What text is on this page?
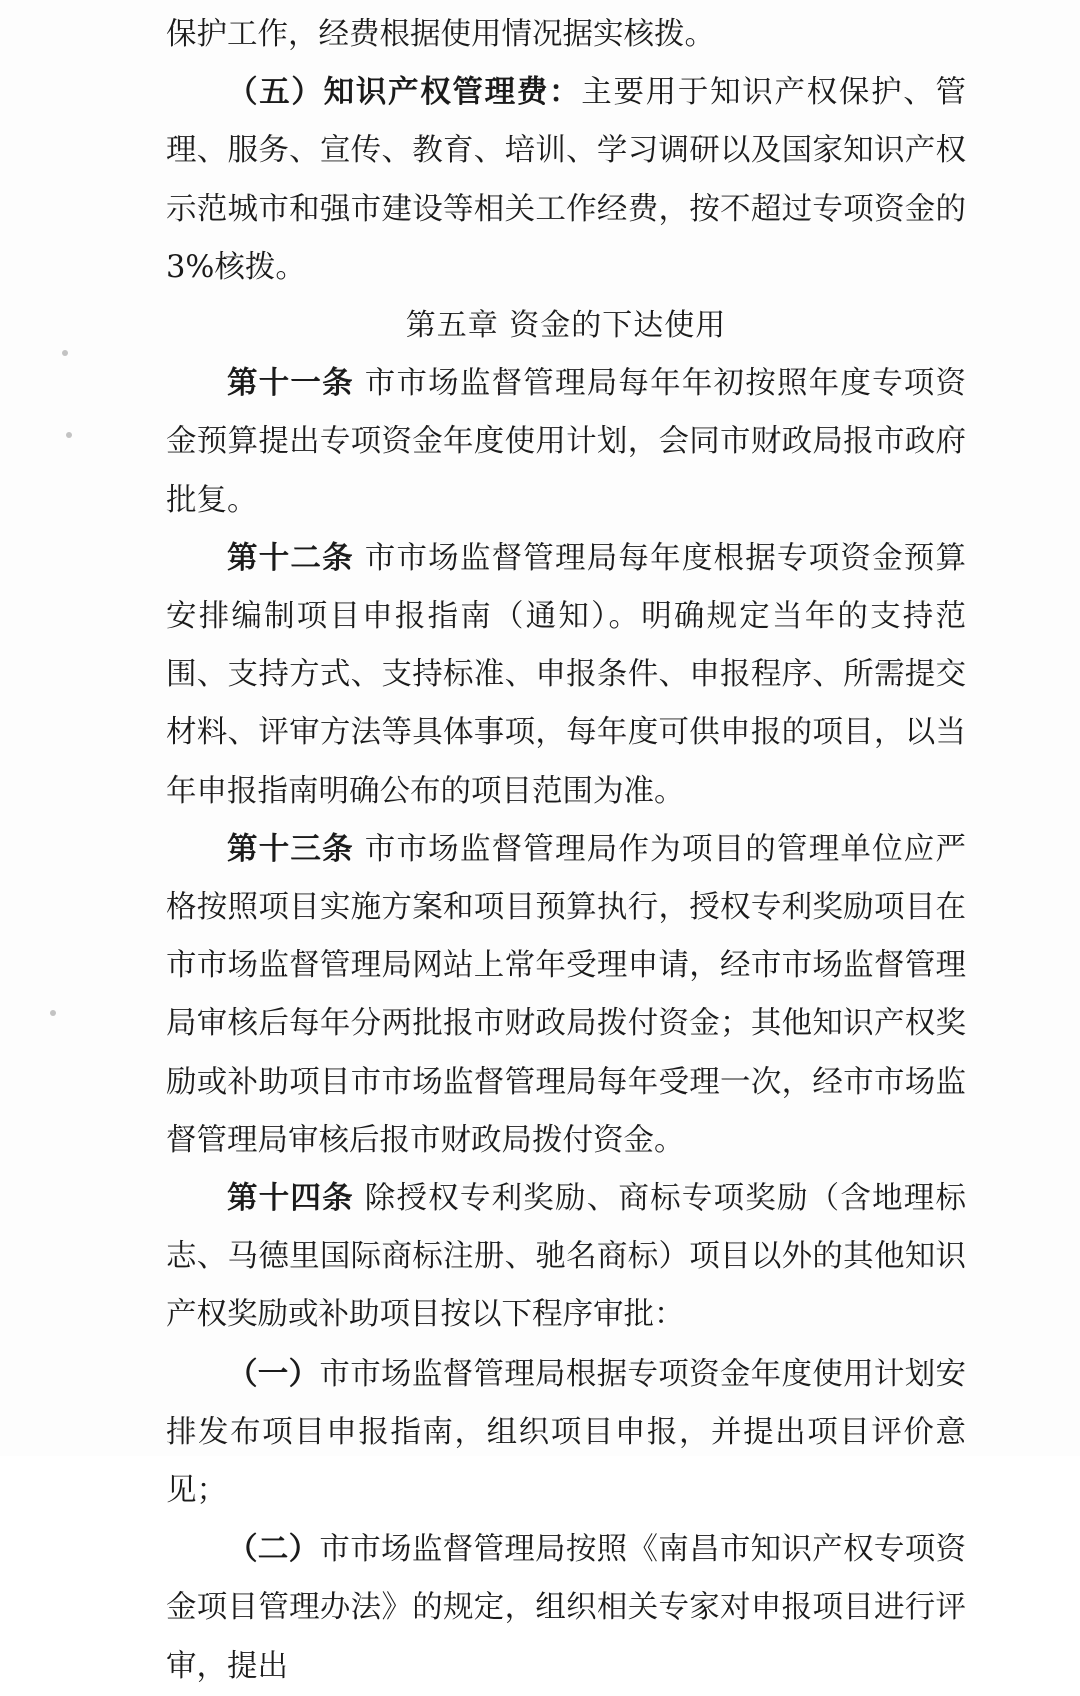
保护工作，经费根据使用情况据实核拨。

（五）知识产权管理费：主要用于知识产权保护、管理、服务、宣传、教育、培训、学习调研以及国家知识产权示范城市和强市建设等相关工作经费，按不超过专项资金的 3%核拨。

第五章 资金的下达使用

第十一条 市市场监督管理局每年年初按照年度专项资金预算提出专项资金年度使用计划，会同市财政局报市政府批复。

第十二条 市市场监督管理局每年度根据专项资金预算安排编制项目申报指南（通知）。明确规定当年的支持范围、支持方式、支持标准、申报条件、申报程序、所需提交材料、评审方法等具体事项，每年度可供申报的项目，以当年申报指南明确公布的项目范围为准。

第十三条 市市场监督管理局作为项目的管理单位应严格按照项目实施方案和项目预算执行，授权专利奖励项目在市市场监督管理局网站上常年受理申请，经市市场监督管理局审核后每年分两批报市财政局拨付资金；其他知识产权奖励或补助项目市市场监督管理局每年受理一次，经市市场监督管理局审核后报市财政局拨付资金。

第十四条 除授权专利奖励、商标专项奖励（含地理标志、马德里国际商标注册、驰名商标）项目以外的其他知识产权奖励或补助项目按以下程序审批：

（一）市市场监督管理局根据专项资金年度使用计划安排发布项目申报指南，组织项目申报，并提出项目评价意见；

（二）市市场监督管理局按照《南昌市知识产权专项资金项目管理办法》的规定，组织相关专家对申报项目进行评审，提出
